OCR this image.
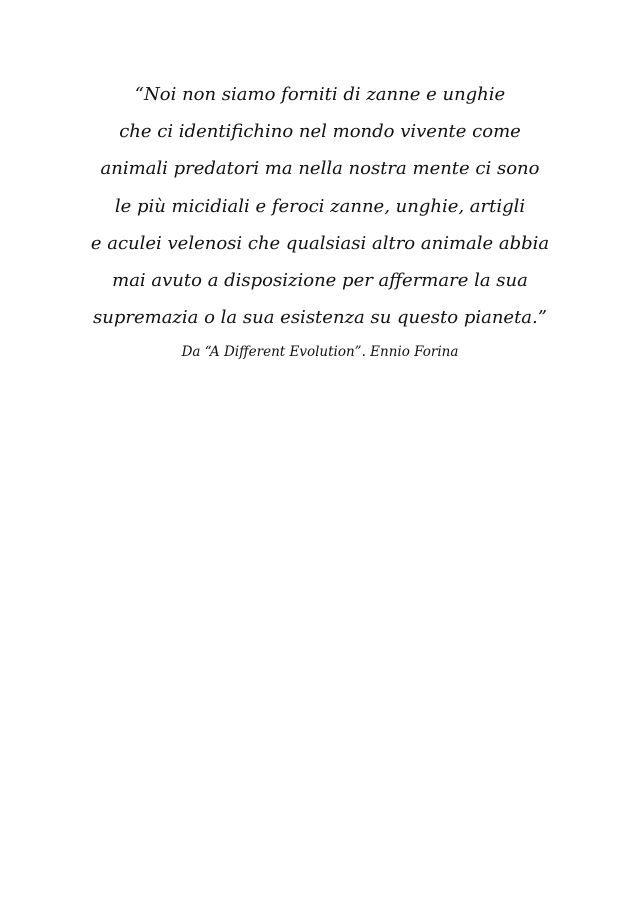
“Noi non siamo forniti di zanne e unghie
che ci identifichino nel mondo vivente come
animali predatori ma nella nostra mente ci sono
le più micidiali e feroci zanne, unghie, artigli
e aculei velenosi che qualsiasi altro animale abbia
mai avuto a disposizione per affermare la sua
supremazia o la sua esistenza su questo pianeta.”
Da “A Different Evolution”. Ennio Forina
